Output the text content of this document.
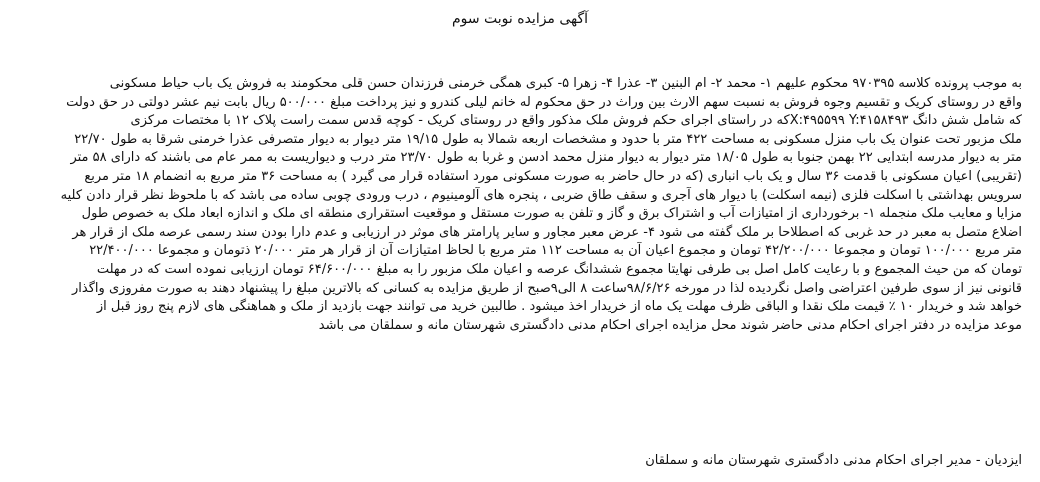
آگهی مزایده نوبت سوم
به موجب پرونده کلاسه ۹۷۰۳۹۵ محکوم علیهم ۱- محمد ۲- ام البنین ۳- عذرا ۴- زهرا ۵- کبری همگی خرمنی فرزندان حسن قلی محکومند به فروش یک باب حیاط مسکونی
واقع در روستای کریک و تقسیم وجوه فروش به نسبت سهم الارث بین وراث در حق محکوم له خانم لیلی کندرو و نیز پرداخت مبلغ ۵۰۰/۰۰۰ ریال بابت نیم عشر دولتی در حق دولت
که شامل شش دانگ X:۴۹۵۵۹۹ Y:۴۱۵۸۴۹۳که در راستای اجرای حکم فروش ملک مذکور واقع در روستای کریک - کوچه قدس سمت راست پلاک ۱۲ با مختصات مرکزی
ملک مزبور تحت عنوان یک باب منزل مسکونی به مساحت ۴۲۲ متر با حدود و مشخصات اربعه شمالا به طول ۱۹/۱۵ متر دیوار به دیوار متصرفی عذرا خرمنی شرقا به طول ۲۲/۷۰
متر به دیوار مدرسه ابتدایی ۲۲ بهمن جنوبا به طول ۱۸/۰۵ متر دیوار به دیوار منزل محمد ادسن و غربا به طول ۲۳/۷۰ متر درب و دیواریست به ممر عام می باشند که دارای ۵۸ متر
(تقریبی) اعیان مسکونی با قدمت ۳۶ سال و یک باب انباری (که در حال حاضر به صورت مسکونی مورد استفاده قرار می گیرد ) به مساحت ۳۶ متر مربع به انضمام ۱۸ متر مربع
سرویس بهداشتی با اسکلت فلزی (نیمه اسکلت) با دیوار های آجری و سقف طاق ضربی ، پنجره های آلومینیوم ، درب ورودی چوبی ساده می باشد که با ملحوظ نظر قرار دادن کلیه
مزایا و معایب ملک منجمله ۱- برخورداری از امتیازات آب و اشتراک برق و گاز و تلفن به صورت مستقل و موقعیت استقراری منطقه ای ملک و اندازه ابعاد ملک به خصوص طول
اضلاع متصل به معبر در حد غربی که اصطلاحا بر ملک گفته می شود ۴- عرض معبر مجاور و سایر پارامتر های موثر در ارزیابی و عدم دارا بودن سند رسمی عرصه ملک از قرار هر
متر مربع ۱۰۰/۰۰۰ تومان و مجموعا ۴۲/۲۰۰/۰۰۰ تومان و مجموع اعیان آن به مساحت ۱۱۲ متر مربع با لحاظ امتیازات آن از قرار هر متر ۲۰/۰۰۰ ذتومان و مجموعا ۲۲/۴۰۰/۰۰۰
تومان که من حیث المجموع و با رعایت کامل اصل بی طرفی نهایتا مجموع ششدانگ عرصه و اعیان ملک مزبور را به مبلغ ۶۴/۶۰۰/۰۰۰ تومان ارزیابی نموده است که در مهلت
قانونی نیز از سوی طرفین اعتراضی واصل نگردیده لذا در مورخه ۹۸/۶/۲۶ساعت ۸ الی۹صبح از طریق مزایده به کسانی که بالاترین مبلغ را پیشنهاد دهند به صورت مفروزی واگذار
خواهد شد و خریدار ۱۰ ٪ قیمت ملک نقدا و الباقی ظرف مهلت یک ماه از خریدار اخذ میشود . طالبین خرید می توانند جهت بازدید از ملک و هماهنگی های لازم پنج روز قبل از
موعد مزایده در دفتر اجرای احکام مدنی حاضر شوند محل مزایده اجرای احکام مدنی دادگستری شهرستان مانه و سملقان می باشد
ایزدیان - مدیر اجرای احکام مدنی دادگستری شهرستان مانه و سملقان
